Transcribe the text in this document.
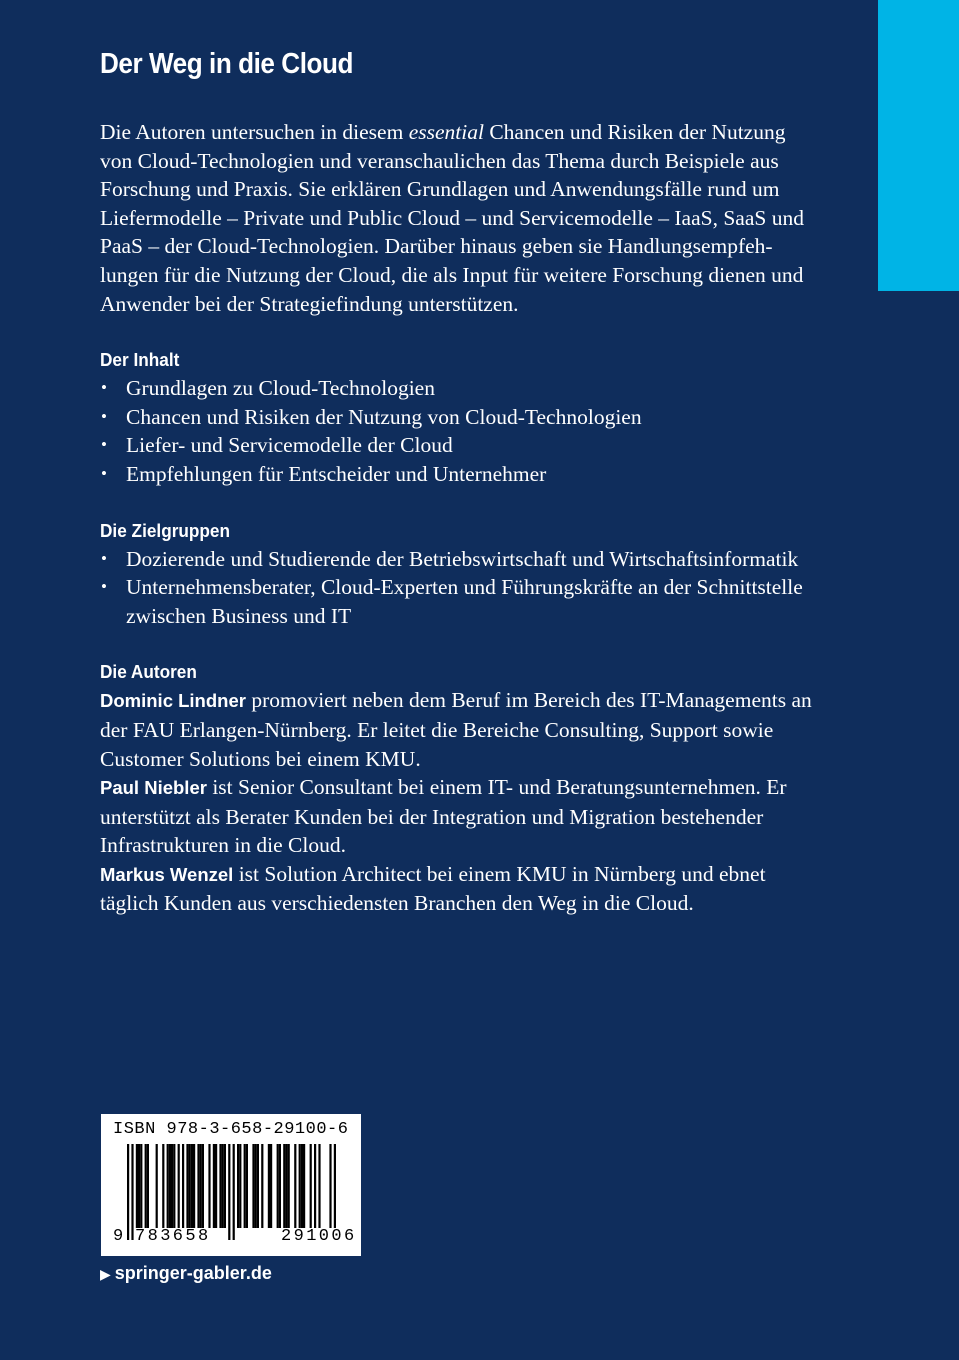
Der Weg in die Cloud

Die Autoren untersuchen in diesem essential Chancen und Risiken der Nutzung von Cloud-Technologien und veranschaulichen das Thema durch Beispiele aus Forschung und Praxis. Sie erklären Grundlagen und Anwendungsfälle rund um Liefermodelle – Private und Public Cloud – und Servicemodelle – IaaS, SaaS und PaaS – der Cloud-Technologien. Darüber hinaus geben sie Handlungsempfeh-lungen für die Nutzung der Cloud, die als Input für weitere Forschung dienen und Anwender bei der Strategiefindung unterstützen.

Der Inhalt
• Grundlagen zu Cloud-Technologien
• Chancen und Risiken der Nutzung von Cloud-Technologien
• Liefer- und Servicemodelle der Cloud
• Empfehlungen für Entscheider und Unternehmer
Die Zielgruppen
• Dozierende und Studierende der Betriebswirtschaft und Wirtschaftsinformatik
• Unternehmensberater, Cloud-Experten und Führungskräfte an der Schnittstelle zwischen Business und IT
Die Autoren

Dominic Lindner promoviert neben dem Beruf im Bereich des IT-Managements an der FAU Erlangen-Nürnberg. Er leitet die Bereiche Consulting, Support sowie Customer Solutions bei einem KMU.

Paul Niebler ist Senior Consultant bei einem IT- und Beratungsunternehmen. Er unterstützt als Berater Kunden bei der Integration und Migration bestehender Infrastrukturen in die Cloud.

Markus Wenzel ist Solution Architect bei einem KMU in Nürnberg und ebnet täglich Kunden aus verschiedensten Branchen den Weg in die Cloud.

ISBN 978-3-658-29100-6
9 783658	291006
▶ springer-gabler.de
